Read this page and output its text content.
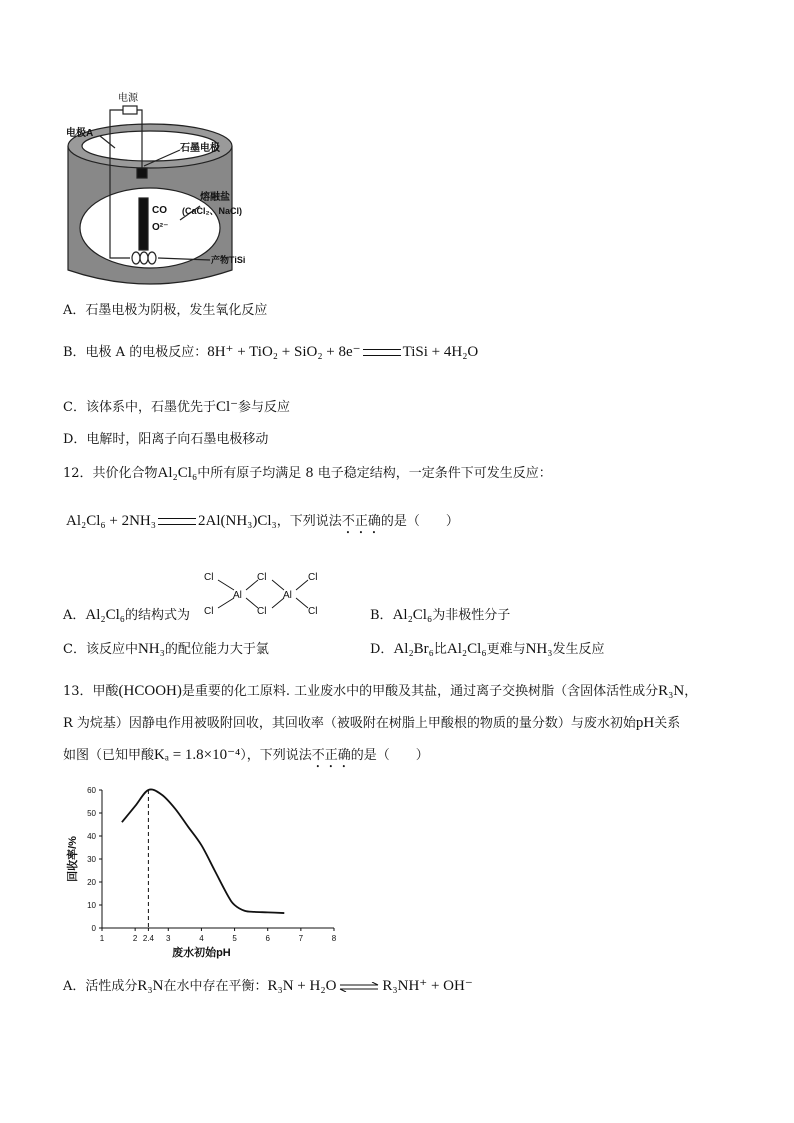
电源
电极A
石墨电极
熔融盐
(CaCl₂、NaCl)
CO
O²⁻
产物TiSi
A．石墨电极为阴极，发生氧化反应
B．电极 A 的电极反应：8H⁺ + TiO₂ + SiO₂ + 8e⁻	TiSi + 4H₂O
C．该体系中，石墨优先于Cl⁻参与反应
D．电解时，阳离子向石墨电极移动
12．共价化合物Al₂Cl₆中所有原子均满足 8 电子稳定结构，一定条件下可发生反应：
Al₂Cl₆ + 2NH₃	2Al(NH₃)Cl₃，下列说法不正确的是（　　）
A．Al₂Cl₆的结构式为
Cl
Cl
Al
Cl
Cl
Al
Cl
Cl	B．Al₂Cl₆为非极性分子
C．该反应中NH₃的配位能力大于氯	D．Al₂Br₆比Al₂Cl₆更难与NH₃发生反应
13．甲酸(HCOOH)是重要的化工原料. 工业废水中的甲酸及其盐，通过离子交换树脂（含固体活性成分R₃N，
R 为烷基）因静电作用被吸附回收，其回收率（被吸附在树脂上甲酸根的物质的量分数）与废水初始pH关系
如图（已知甲酸Kₐ = 1.8×10⁻⁴），下列说法不正确的是（　　）
0
10
20
30
40
50
60
1	2 2.4 3	4	5	6	7	8
回收率/%
废水初始pH
A．活性成分R₃N在水中存在平衡：R₃N + H₂O ⇌ R₃NH⁺ + OH⁻
